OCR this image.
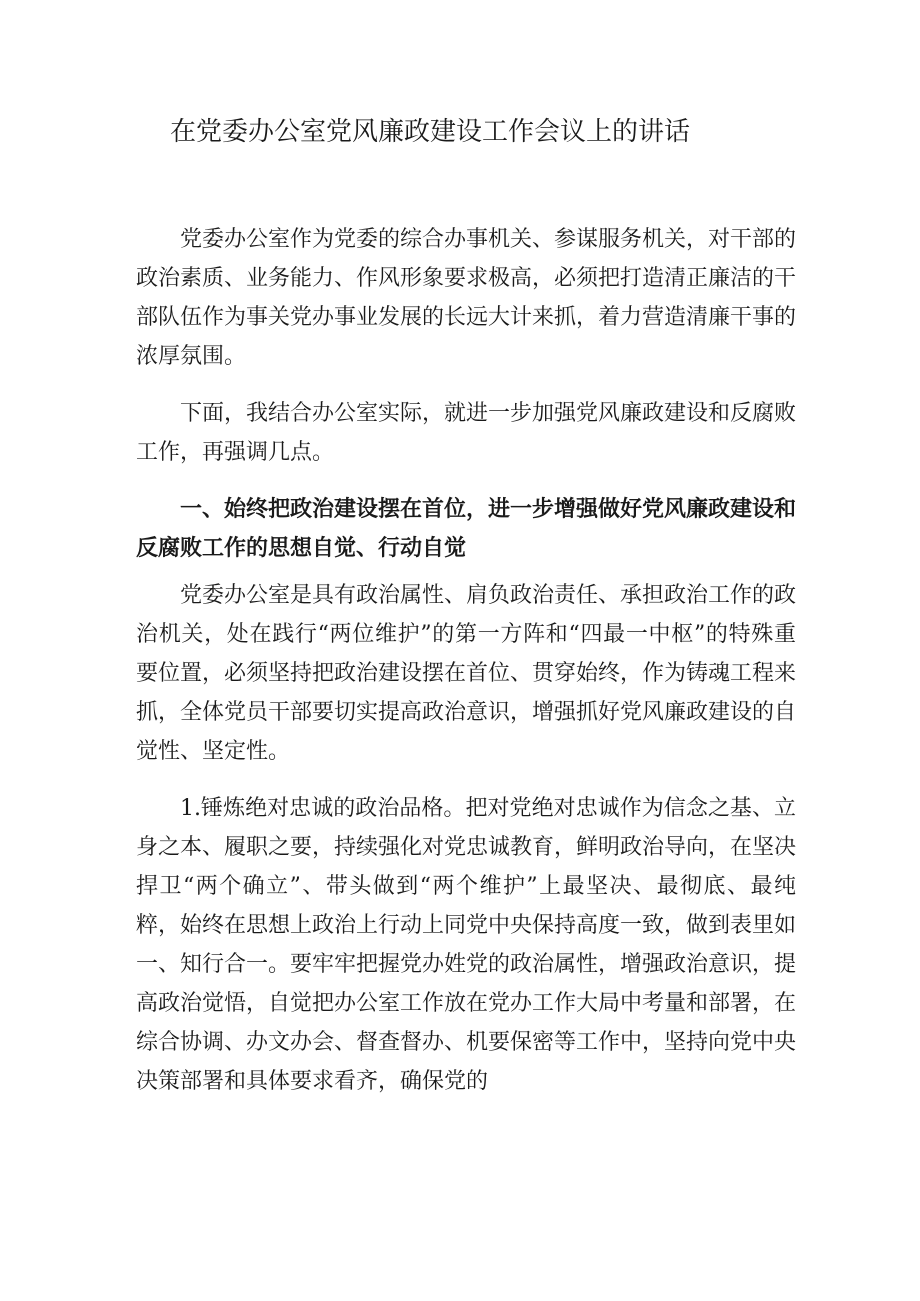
在党委办公室党风廉政建设工作会议上的讲话

党委办公室作为党委的综合办事机关、参谋服务机关，对干部的政治素质、业务能力、作风形象要求极高，必须把打造清正廉洁的干部队伍作为事关党办事业发展的长远大计来抓，着力营造清廉干事的浓厚氛围。

下面，我结合办公室实际，就进一步加强党风廉政建设和反腐败工作，再强调几点。

一、始终把政治建设摆在首位，进一步增强做好党风廉政建设和反腐败工作的思想自觉、行动自觉

党委办公室是具有政治属性、肩负政治责任、承担政治工作的政治机关，处在践行“两位维护”的第一方阵和“四最一中枢”的特殊重要位置，必须坚持把政治建设摆在首位、贯穿始终，作为铸魂工程来抓，全体党员干部要切实提高政治意识，增强抓好党风廉政建设的自觉性、坚定性。

1.锤炼绝对忠诚的政治品格。把对党绝对忠诚作为信念之基、立身之本、履职之要，持续强化对党忠诚教育，鲜明政治导向，在坚决捍卫“两个确立”、带头做到“两个维护”上最坚决、最彻底、最纯粹，始终在思想上政治上行动上同党中央保持高度一致，做到表里如一、知行合一。要牢牢把握党办姓党的政治属性，增强政治意识，提高政治觉悟，自觉把办公室工作放在党办工作大局中考量和部署，在综合协调、办文办会、督查督办、机要保密等工作中，坚持向党中央决策部署和具体要求看齐，确保党的
